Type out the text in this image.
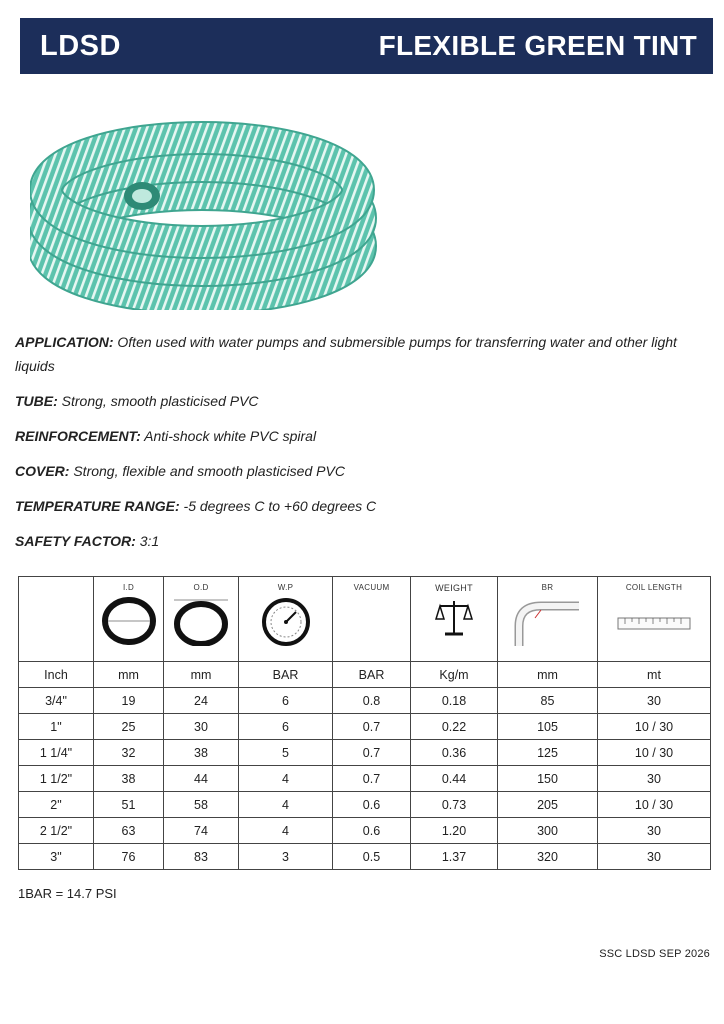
LDSD	FLEXIBLE GREEN TINT
APPLICATION: Often used with water pumps and submersible pumps for transferring water and other light liquids
TUBE: Strong, smooth plasticised PVC
REINFORCEMENT: Anti-shock white PVC spiral
COVER: Strong, flexible and smooth plasticised PVC
TEMPERATURE RANGE: -5 degrees C to +60 degrees C
SAFETY FACTOR: 3:1

	I.D	O.D	W.P	VACUUM	WEIGHT	BR	COIL LENGTH

Inch	mm	mm	BAR	BAR	Kg/m	mm	mt
3/4"	19	24	6	0.8	0.18	85	30
1"	25	30	6	0.7	0.22	105	10 / 30
1 1/4"	32	38	5	0.7	0.36	125	10 / 30
1 1/2"	38	44	4	0.7	0.44	150	30
2"	51	58	4	0.6	0.73	205	10 / 30
2 1/2"	63	74	4	0.6	1.20	300	30
3"	76	83	3	0.5	1.37	320	30
1BAR = 14.7 PSI
SSC LDSD SEP 2026
